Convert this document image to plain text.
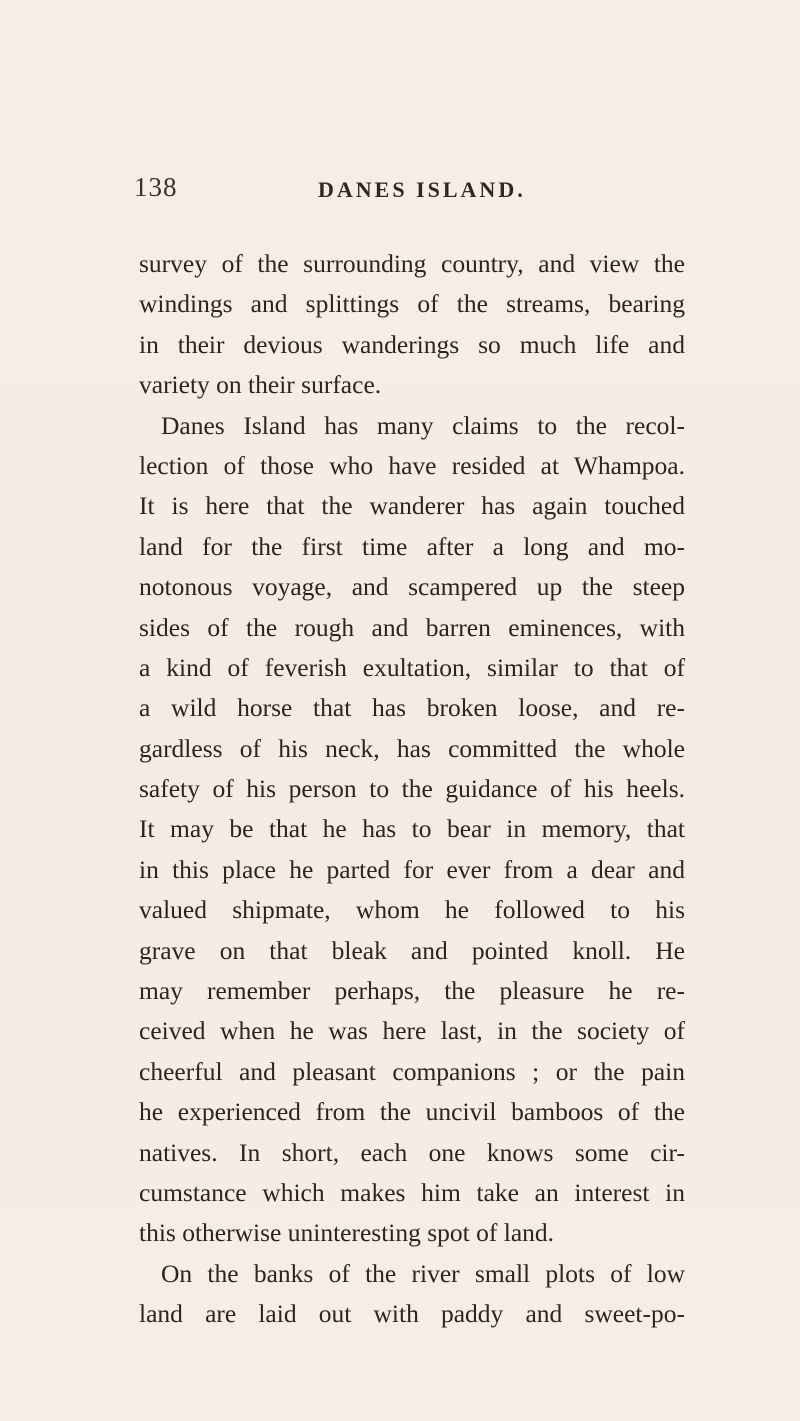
138	DANES ISLAND.
survey of the surrounding country, and view the
windings and splittings of the streams, bearing
in their devious wanderings so much life and
variety on their surface.
Danes Island has many claims to the recol-
lection of those who have resided at Whampoa.
It is here that the wanderer has again touched
land for the first time after a long and mo-
notonous voyage, and scampered up the steep
sides of the rough and barren eminences, with
a kind of feverish exultation, similar to that of
a wild horse that has broken loose, and re-
gardless of his neck, has committed the whole
safety of his person to the guidance of his heels.
It may be that he has to bear in memory, that
in this place he parted for ever from a dear and
valued shipmate, whom he followed to his
grave on that bleak and pointed knoll. He
may remember perhaps, the pleasure he re-
ceived when he was here last, in the society of
cheerful and pleasant companions ; or the pain
he experienced from the uncivil bamboos of the
natives. In short, each one knows some cir-
cumstance which makes him take an interest in
this otherwise uninteresting spot of land.
On the banks of the river small plots of low
land are laid out with paddy and sweet-po-
